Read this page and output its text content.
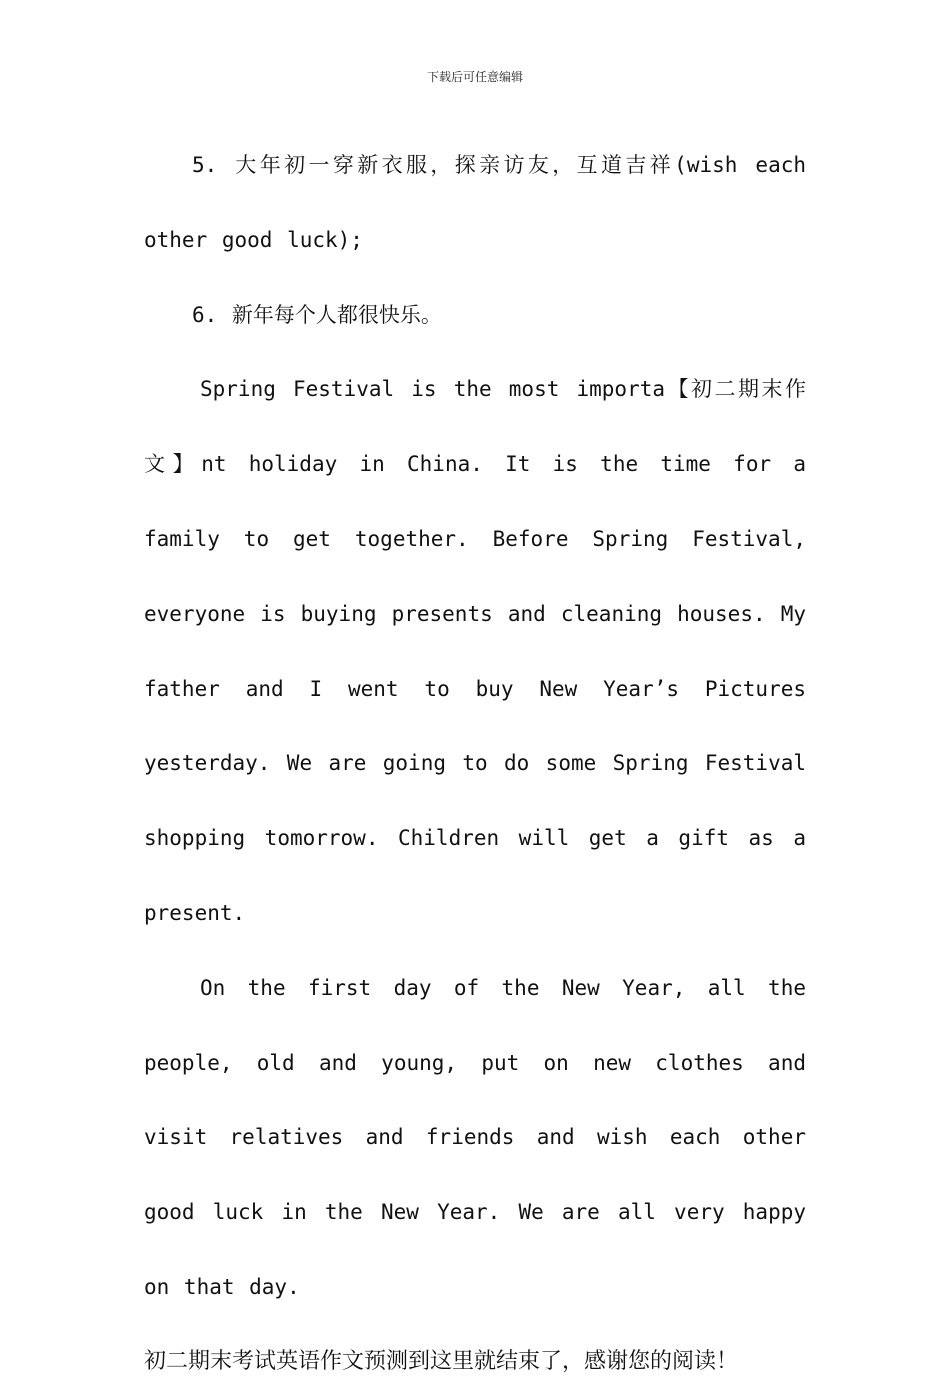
下载后可任意编辑

5. 大年初一穿新衣服，探亲访友，互道吉祥(wish each other good luck);

6. 新年每个人都很快乐。

Spring Festival is the most importa【初二期末作文】nt holiday in China. It is the time for a family to get together. Before Spring Festival, everyone is buying presents and cleaning houses. My father and I went to buy New Year’s Pictures yesterday. We are going to do some Spring Festival shopping tomorrow. Children will get a gift as a present.

On the first day of the New Year, all the people, old and young, put on new clothes and visit relatives and friends and wish each other good luck in the New Year. We are all very happy on that day.

初二期末考试英语作文预测到这里就结束了，感谢您的阅读！
